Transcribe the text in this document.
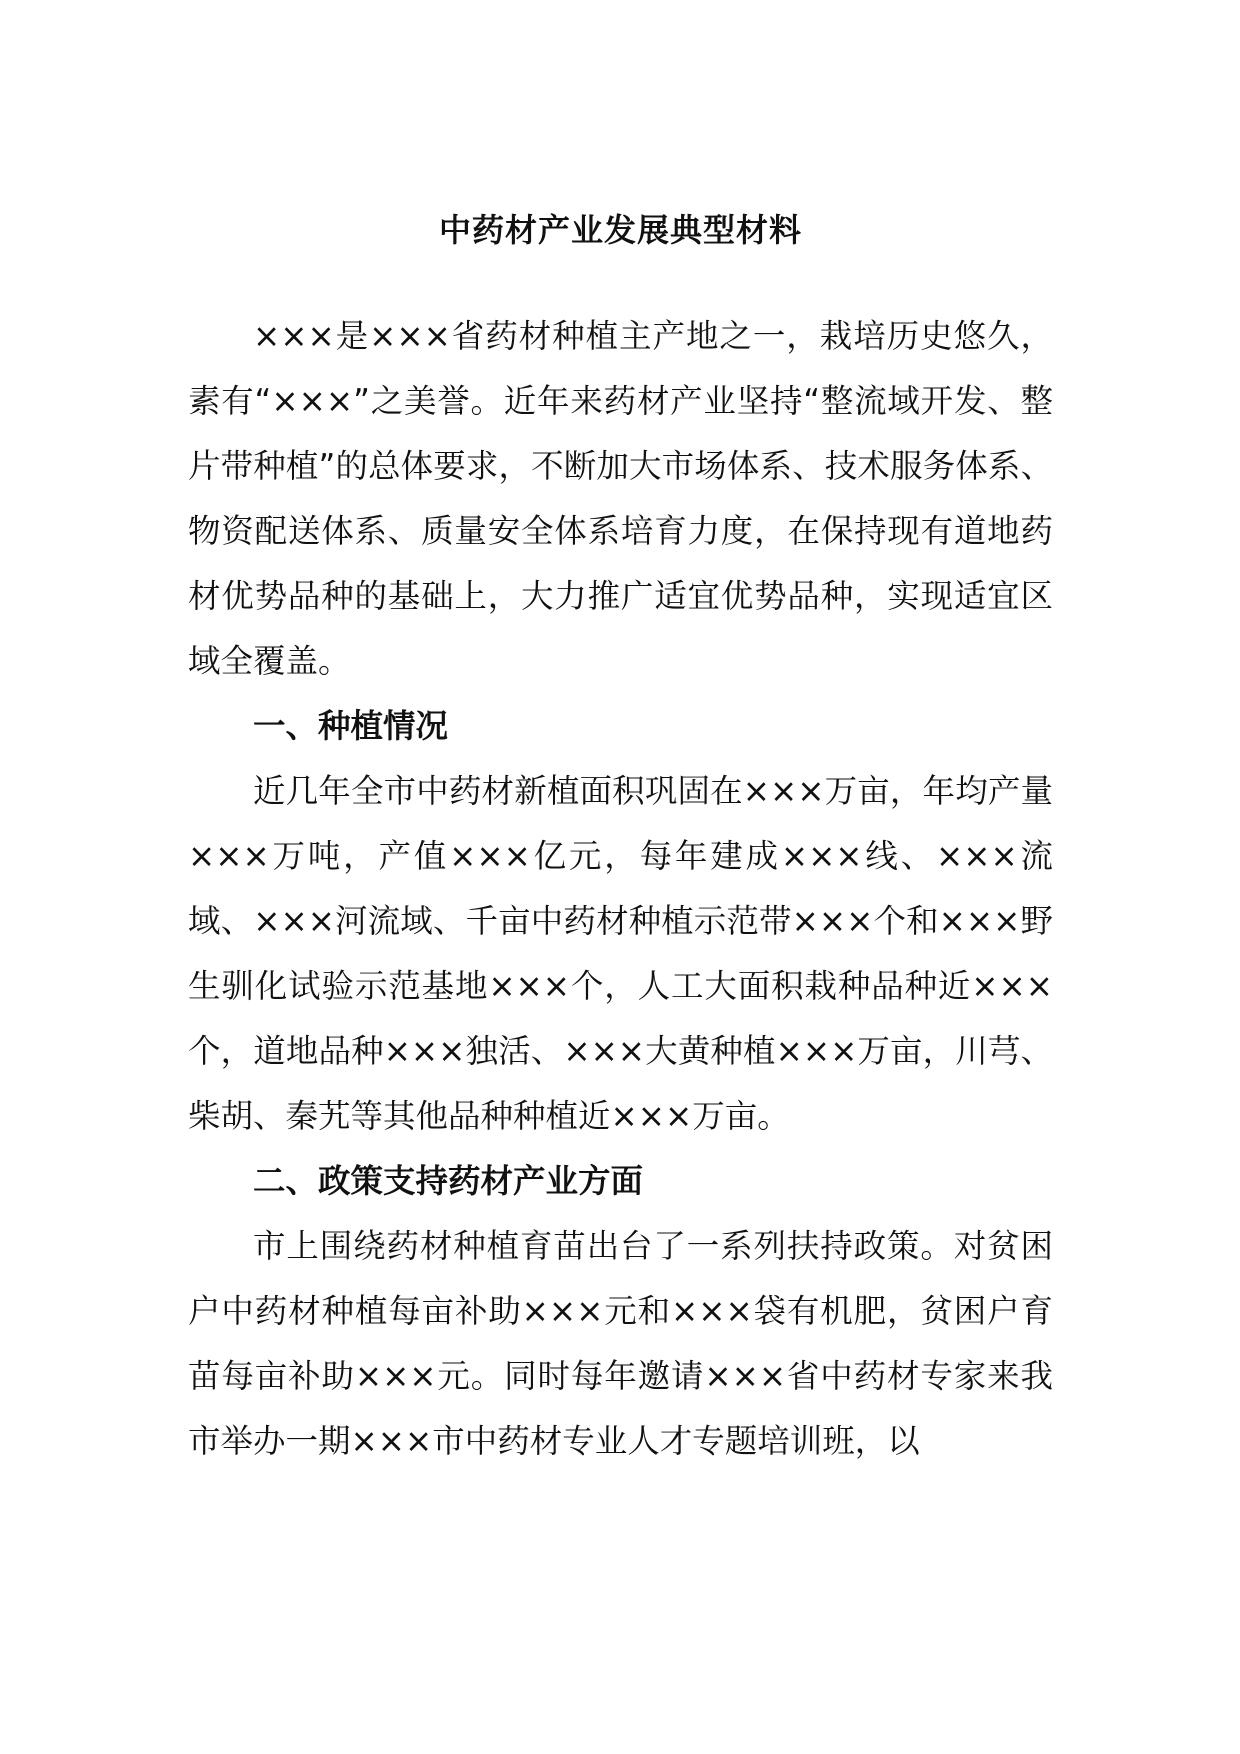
中药材产业发展典型材料

×××是×××省药材种植主产地之一，栽培历史悠久，素有“×××”之美誉。近年来药材产业坚持“整流域开发、整片带种植”的总体要求，不断加大市场体系、技术服务体系、物资配送体系、质量安全体系培育力度，在保持现有道地药材优势品种的基础上，大力推广适宜优势品种，实现适宜区域全覆盖。

一、种植情况

近几年全市中药材新植面积巩固在×××万亩，年均产量×××万吨，产值×××亿元，每年建成×××线、×××流域、×××河流域、千亩中药材种植示范带×××个和×××野生驯化试验示范基地×××个，人工大面积栽种品种近×××个，道地品种×××独活、×××大黄种植×××万亩，川芎、柴胡、秦艽等其他品种种植近×××万亩。

二、政策支持药材产业方面

市上围绕药材种植育苗出台了一系列扶持政策。对贫困户中药材种植每亩补助×××元和×××袋有机肥，贫困户育苗每亩补助×××元。同时每年邀请×××省中药材专家来我市举办一期×××市中药材专业人才专题培训班，以
